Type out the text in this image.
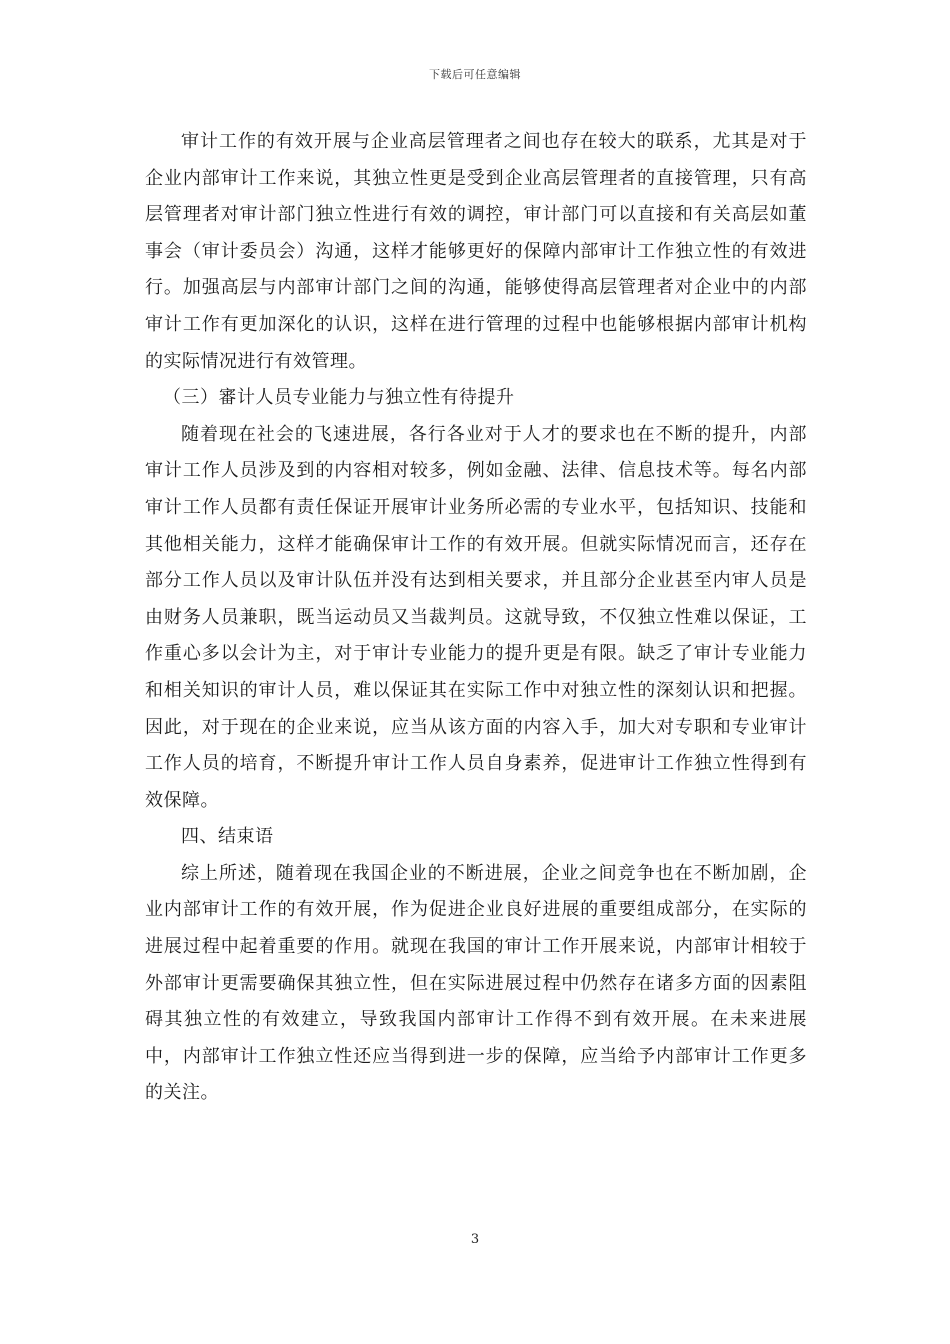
下载后可任意编辑

审计工作的有效开展与企业高层管理者之间也存在较大的联系，尤其是对于企业内部审计工作来说，其独立性更是受到企业高层管理者的直接管理，只有高层管理者对审计部门独立性进行有效的调控，审计部门可以直接和有关高层如董事会（审计委员会）沟通，这样才能够更好的保障内部审计工作独立性的有效进行。加强高层与内部审计部门之间的沟通，能够使得高层管理者对企业中的内部审计工作有更加深化的认识，这样在进行管理的过程中也能够根据内部审计机构的实际情况进行有效管理。

（三）審计人员专业能力与独立性有待提升

随着现在社会的飞速进展，各行各业对于人才的要求也在不断的提升，内部审计工作人员涉及到的内容相对较多，例如金融、法律、信息技术等。每名内部审计工作人员都有责任保证开展审计业务所必需的专业水平，包括知识、技能和其他相关能力，这样才能确保审计工作的有效开展。但就实际情况而言，还存在部分工作人员以及审计队伍并没有达到相关要求，并且部分企业甚至内审人员是由财务人员兼职，既当运动员又当裁判员。这就导致，不仅独立性难以保证，工作重心多以会计为主，对于审计专业能力的提升更是有限。缺乏了审计专业能力和相关知识的审计人员，难以保证其在实际工作中对独立性的深刻认识和把握。因此，对于现在的企业来说，应当从该方面的内容入手，加大对专职和专业审计工作人员的培育，不断提升审计工作人员自身素养，促进审计工作独立性得到有效保障。

四、结束语

综上所述，随着现在我国企业的不断进展，企业之间竞争也在不断加剧，企业内部审计工作的有效开展，作为促进企业良好进展的重要组成部分，在实际的进展过程中起着重要的作用。就现在我国的审计工作开展来说，内部审计相较于外部审计更需要确保其独立性，但在实际进展过程中仍然存在诸多方面的因素阻碍其独立性的有效建立，导致我国内部审计工作得不到有效开展。在未来进展中，内部审计工作独立性还应当得到进一步的保障，应当给予内部审计工作更多的关注。

3
